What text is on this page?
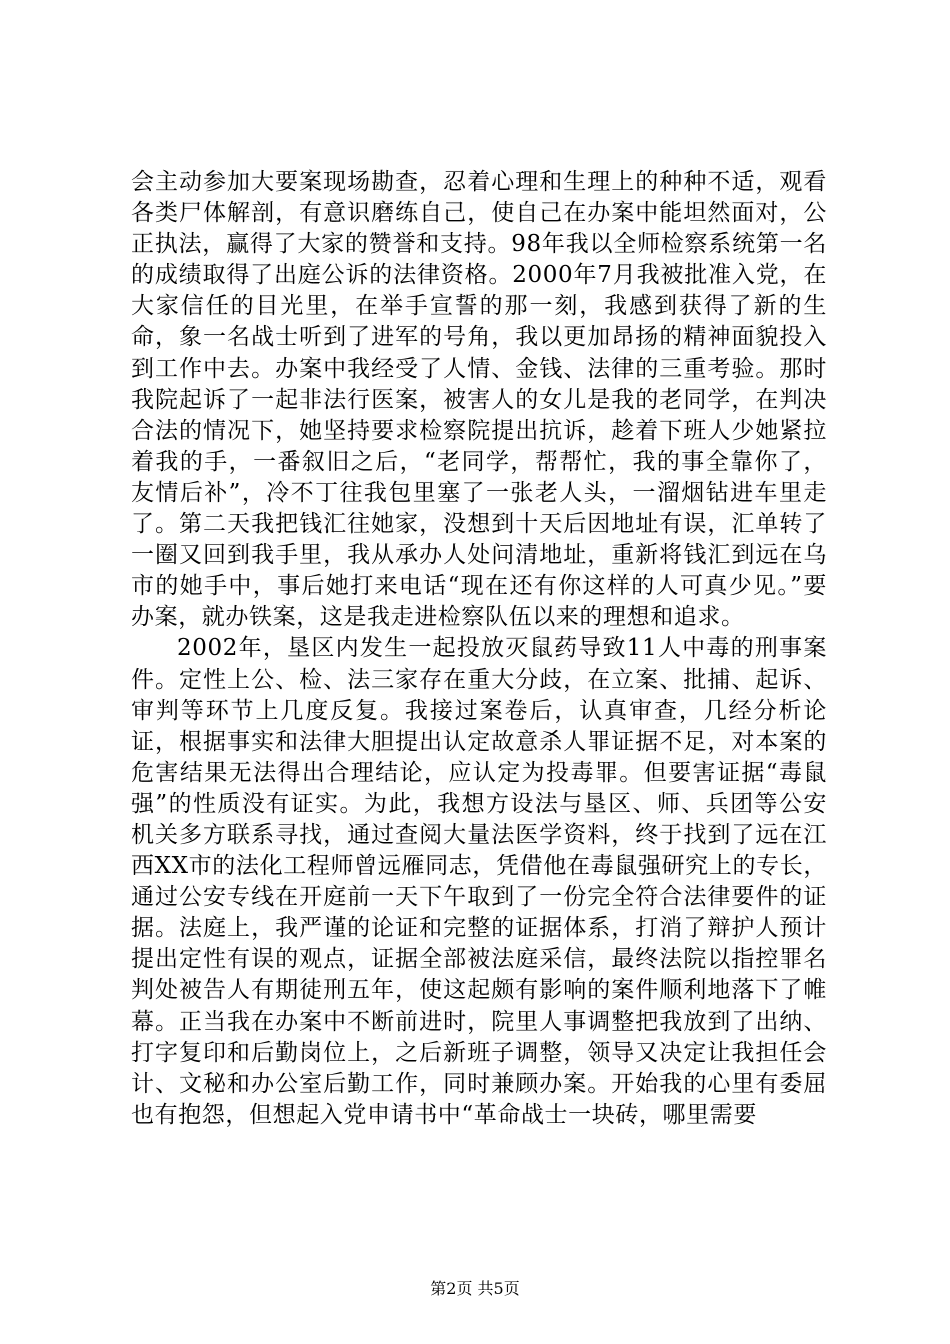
会主动参加大要案现场勘查，忍着心理和生理上的种种不适，观看各类尸体解剖，有意识磨练自己，使自己在办案中能坦然面对，公正执法，赢得了大家的赞誉和支持。98年我以全师检察系统第一名的成绩取得了出庭公诉的法律资格。2000年7月我被批准入党，在大家信任的目光里，在举手宣誓的那一刻，我感到获得了新的生命，象一名战士听到了进军的号角，我以更加昂扬的精神面貌投入到工作中去。办案中我经受了人情、金钱、法律的三重考验。那时我院起诉了一起非法行医案，被害人的女儿是我的老同学，在判决合法的情况下，她坚持要求检察院提出抗诉，趁着下班人少她紧拉着我的手，一番叙旧之后，“老同学，帮帮忙，我的事全靠你了，友情后补”，冷不丁往我包里塞了一张老人头，一溜烟钻进车里走了。第二天我把钱汇往她家，没想到十天后因地址有误，汇单转了一圈又回到我手里，我从承办人处问清地址，重新将钱汇到远在乌市的她手中，事后她打来电话“现在还有你这样的人可真少见。”要办案，就办铁案，这是我走进检察队伍以来的理想和追求。

2002年，垦区内发生一起投放灭鼠药导致11人中毒的刑事案件。定性上公、检、法三家存在重大分歧，在立案、批捕、起诉、审判等环节上几度反复。我接过案卷后，认真审查，几经分析论证，根据事实和法律大胆提出认定故意杀人罪证据不足，对本案的危害结果无法得出合理结论，应认定为投毒罪。但要害证据“毒鼠强”的性质没有证实。为此，我想方设法与垦区、师、兵团等公安机关多方联系寻找，通过查阅大量法医学资料，终于找到了远在江西XX市的法化工程师曾远雁同志，凭借他在毒鼠强研究上的专长，通过公安专线在开庭前一天下午取到了一份完全符合法律要件的证据。法庭上，我严谨的论证和完整的证据体系，打消了辩护人预计提出定性有误的观点，证据全部被法庭采信，最终法院以指控罪名判处被告人有期徒刑五年，使这起颇有影响的案件顺利地落下了帷幕。正当我在办案中不断前进时，院里人事调整把我放到了出纳、打字复印和后勤岗位上，之后新班子调整，领导又决定让我担任会计、文秘和办公室后勤工作，同时兼顾办案。开始我的心里有委屈也有抱怨，但想起入党申请书中“革命战士一块砖，哪里需要

第2页 共5页
